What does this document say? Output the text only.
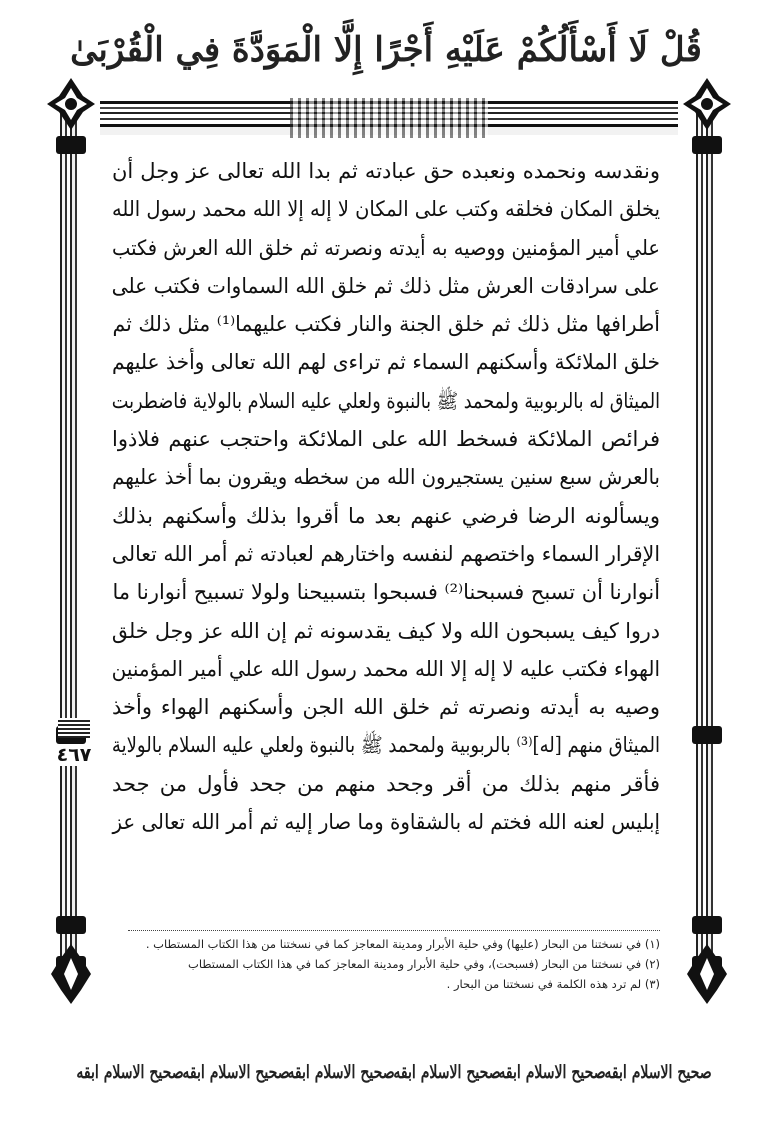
قُلْ لَا أَسْأَلُكُمْ عَلَيْهِ أَجْرًا إِلَّا الْمَوَدَّةَ فِي الْقُرْبَىٰ

ونقدسه ونحمده ونعبده حق عبادته ثم بدا الله تعالى عز وجل أن

يخلق المكان فخلقه وكتب على المكان لا إله إلا الله محمد رسول الله

علي أمير المؤمنين ووصيه به أيدته ونصرته ثم خلق الله العرش فكتب

على سرادقات العرش مثل ذلك ثم خلق الله السماوات فكتب على

أطرافها مثل ذلك ثم خلق الجنة والنار فكتب عليهما⁽¹⁾ مثل ذلك ثم

خلق الملائكة وأسكنهم السماء ثم تراءى لهم الله تعالى وأخذ عليهم

الميثاق له بالربوبية ولمحمد ﷺ بالنبوة ولعلي عليه السلام بالولاية فاضطربت

فرائص الملائكة فسخط الله على الملائكة واحتجب عنهم فلاذوا

بالعرش سبع سنين يستجيرون الله من سخطه ويقرون بما أخذ عليهم

ويسألونه الرضا فرضي عنهم بعد ما أقروا بذلك وأسكنهم بذلك

الإقرار السماء واختصهم لنفسه واختارهم لعبادته ثم أمر الله تعالى

أنوارنا أن تسبح فسبحنا⁽²⁾ فسبحوا بتسبيحنا ولولا تسبيح أنوارنا ما

دروا كيف يسبحون الله ولا كيف يقدسونه ثم إن الله عز وجل خلق

الهواء فكتب عليه لا إله إلا الله محمد رسول الله علي أمير المؤمنين

وصيه به أيدته ونصرته ثم خلق الله الجن وأسكنهم الهواء وأخذ

الميثاق منهم [له]⁽³⁾ بالربوبية ولمحمد ﷺ بالنبوة ولعلي عليه السلام بالولاية

فأقر منهم بذلك من أقر وجحد منهم من جحد فأول من جحد

إبليس لعنه الله فختم له بالشقاوة وما صار إليه ثم أمر الله تعالى عز

٤٦٧
(١) في نسختنا من البحار (عليها) وفي حلية الأبرار ومدينة المعاجز كما في نسختنا من هذا الكتاب المستطاب .
(٢) في نسختنا من البحار (فسبحت)، وفي حلية الأبرار ومدينة المعاجز كما في هذا الكتاب المستطاب
(٣) لم ترد هذه الكلمة في نسختنا من البحار .
صحيح الاسلام ابقه
صحيح الاسلام ابقه
صحيح الاسلام ابقه
صحيح الاسلام ابقه
صحيح الاسلام ابقه
صحيح الاسلام ابقه
